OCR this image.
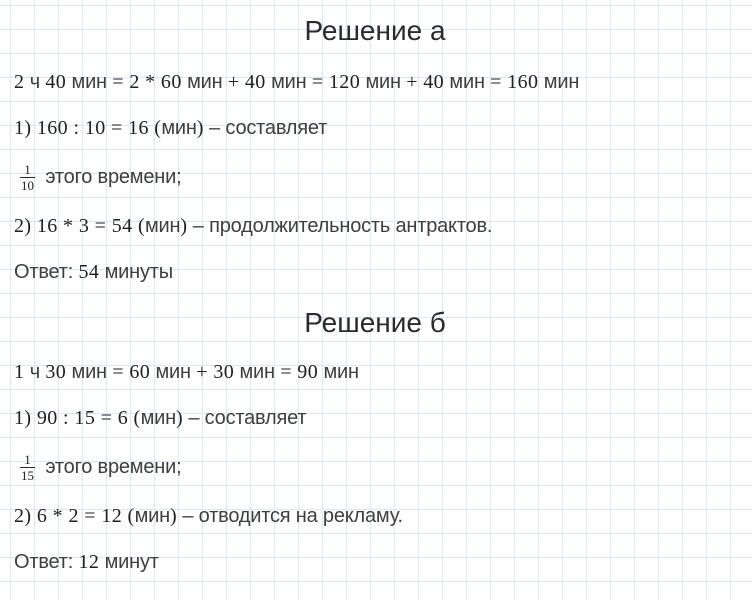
Решение а

2 ч 40 мин = 2 * 60 мин + 40 мин = 120 мин + 40 мин = 160 мин

1) 160 : 10 = 16 (мин) – составляет

$\frac{1}{10}$ этого времени;

2) 16 * 3 = 54 (мин) – продолжительность антрактов.

Ответ: 54 минуты

Решение б

1 ч 30 мин = 60 мин + 30 мин = 90 мин

1) 90 : 15 = 6 (мин) – составляет

$\frac{1}{15}$ этого времени;

2) 6 * 2 = 12 (мин) – отводится на рекламу.

Ответ: 12 минут
